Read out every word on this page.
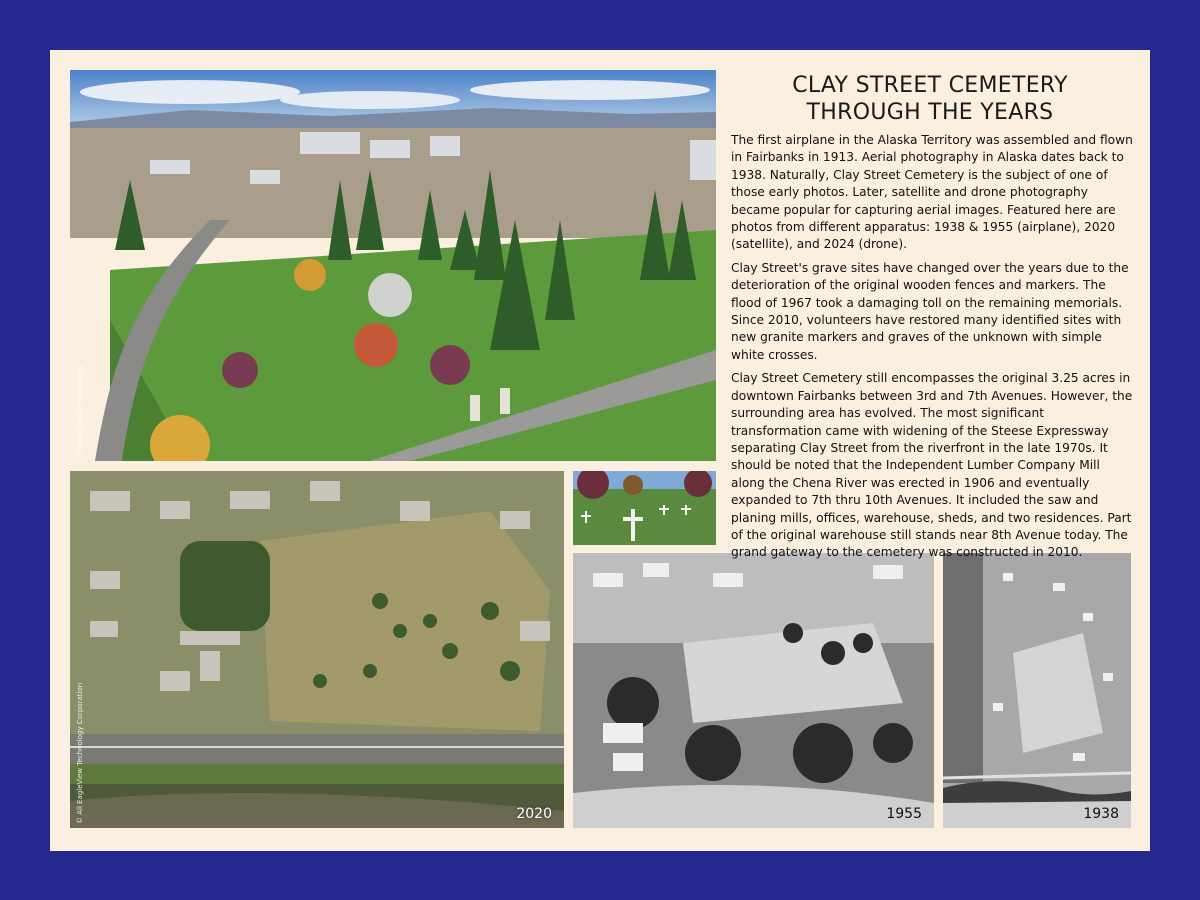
© Kate Clark Photography
2020
© All EagleView Technology Corporation	1955	1938
CLAY STREET CEMETERY
THROUGH THE YEARS

The first airplane in the Alaska Territory was assembled and flown in Fairbanks in 1913. Aerial photography in Alaska dates back to 1938. Naturally, Clay Street Cemetery is the subject of one of those early photos. Later, satellite and drone photography became popular for capturing aerial images. Featured here are photos from different apparatus: 1938 & 1955 (airplane), 2020 (satellite), and 2024 (drone).

Clay Street's grave sites have changed over the years due to the deterioration of the original wooden fences and markers. The flood of 1967 took a damaging toll on the remaining memorials. Since 2010, volunteers have restored many identified sites with new granite markers and graves of the unknown with simple white crosses.

Clay Street Cemetery still encompasses the original 3.25 acres in downtown Fairbanks between 3rd and 7th Avenues. However, the surrounding area has evolved. The most significant transformation came with widening of the Steese Expressway separating Clay Street from the riverfront in the late 1970s. It should be noted that the Independent Lumber Company Mill along the Chena River was erected in 1906 and eventually expanded to 7th thru 10th Avenues. It included the saw and planing mills, offices, warehouse, sheds, and two residences. Part of the original warehouse still stands near 8th Avenue today. The grand gateway to the cemetery was constructed in 2010.
